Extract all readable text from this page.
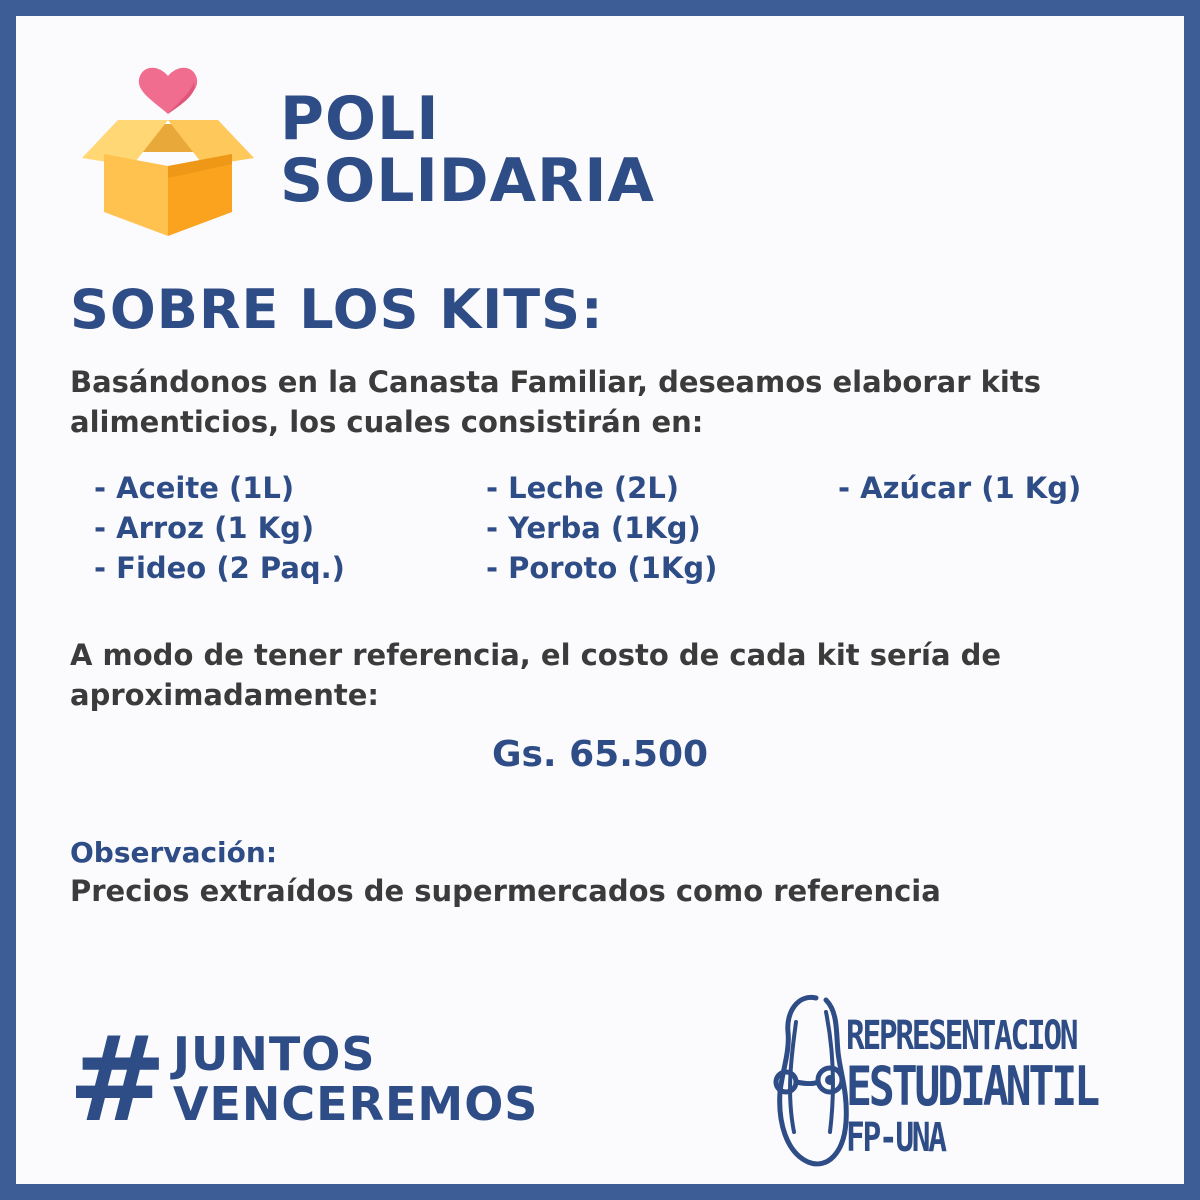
POLI
SOLIDARIA
SOBRE LOS KITS:
Basándonos en la Canasta Familiar, deseamos elaborar kits alimenticios, los cuales consistirán en:
- Aceite (1L)
- Arroz (1 Kg)
- Fideo (2 Paq.)
- Leche (2L)
- Yerba (1Kg)
- Poroto (1Kg)
- Azúcar (1 Kg)
A modo de tener referencia, el costo de cada kit sería de aproximadamente:
Gs. 65.500
Observación:
Precios extraídos de supermercados como referencia
# JUNTOS
VENCEREMOS
REPRESENTACION
ESTUDIANTIL
FP-UNA
